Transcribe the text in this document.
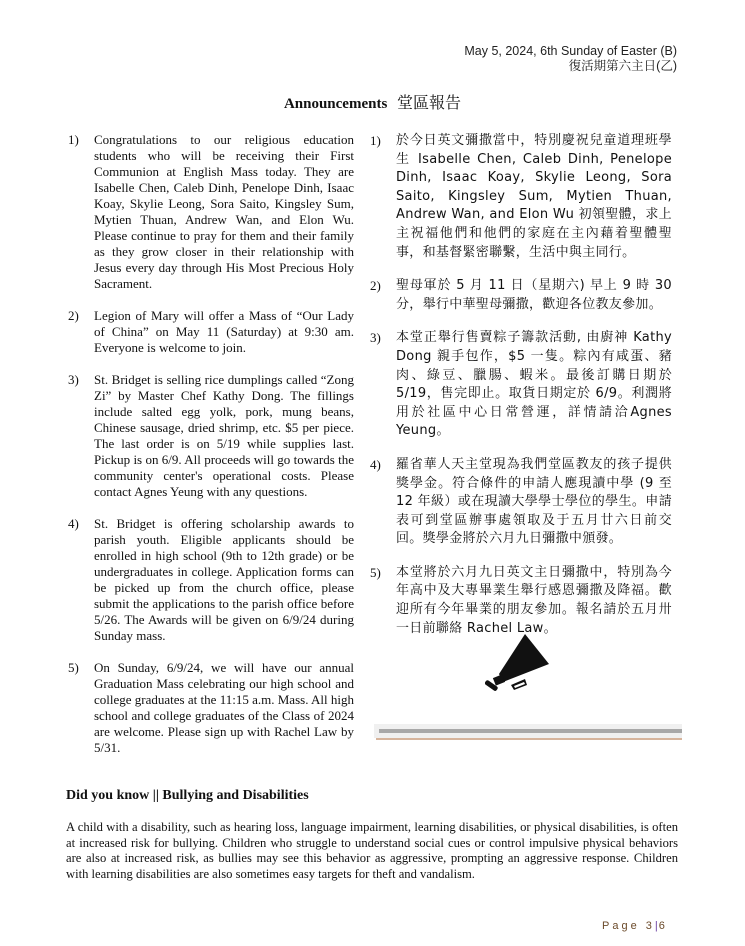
May 5, 2024, 6th Sunday of Easter (B)
復活期第六主日(乙)
Announcements 堂區報告
1)	Congratulations to our religious education students who will be receiving their First Communion at English Mass today. They are Isabelle Chen, Caleb Dinh, Penelope Dinh, Isaac Koay, Skylie Leong, Sora Saito, Kingsley Sum, Mytien Thuan, Andrew Wan, and Elon Wu. Please continue to pray for them and their family as they grow closer in their relationship with Jesus every day through His Most Precious Holy Sacrament.
2)	Legion of Mary will offer a Mass of “Our Lady of China” on May 11 (Saturday) at 9:30 am. Everyone is welcome to join.
3)	St. Bridget is selling rice dumplings called “Zong Zi” by Master Chef Kathy Dong. The fillings include salted egg yolk, pork, mung beans, Chinese sausage, dried shrimp, etc. $5 per piece. The last order is on 5/19 while supplies last. Pickup is on 6/9. All proceeds will go towards the community center's operational costs. Please contact Agnes Yeung with any questions.
4)	St. Bridget is offering scholarship awards to parish youth. Eligible applicants should be enrolled in high school (9th to 12th grade) or be undergraduates in college. Application forms can be picked up from the church office, please submit the applications to the parish office before 5/26. The Awards will be given on 6/9/24 during Sunday mass.
5)	On Sunday, 6/9/24, we will have our annual Graduation Mass celebrating our high school and college graduates at the 11:15 a.m. Mass. All high school and college graduates of the Class of 2024 are welcome. Please sign up with Rachel Law by 5/31.
1)	於今日英文彌撒當中，特別慶祝兒童道理班學生 Isabelle Chen, Caleb Dinh, Penelope Dinh, Isaac Koay, Skylie Leong, Sora Saito, Kingsley Sum, Mytien Thuan, Andrew Wan, and Elon Wu 初領聖體，求上主祝福他們和他們的家庭在主內藉着聖體聖事，和基督緊密聯繫，生活中與主同行。
2)	聖母軍於 5 月 11 日（星期六) 早上 9 時 30 分，舉行中華聖母彌撒，歡迎各位教友參加。
3)	本堂正舉行售賣粽子籌款活動, 由廚神 Kathy Dong 親手包作，$5 一隻。粽內有咸蛋、豬肉、綠豆、臘腸、蝦米。最後訂購日期於 5/19，售完即止。取貨日期定於 6/9。利潤將用於社區中心日常營運，詳情請洽Agnes Yeung。
4)	羅省華人天主堂現為我們堂區教友的孩子提供獎學金。符合條件的申請人應現讀中學 (9 至 12 年級）或在現讀大學學士學位的學生。申請表可到堂區辦事處領取及于五月廿六日前交回。獎學金將於六月九日彌撒中頒發。
5)	本堂將於六月九日英文主日彌撒中，特別為今年高中及大專畢業生舉行感恩彌撒及降福。歡迎所有今年畢業的朋友參加。報名請於五月卅一日前聯絡 Rachel Law。
Did you know || Bullying and Disabilities
A child with a disability, such as hearing loss, language impairment, learning disabilities, or physical disabilities, is often at increased risk for bullying. Children who struggle to understand social cues or control impulsive physical behaviors are also at increased risk, as bullies may see this behavior as aggressive, prompting an aggressive response. Children with learning disabilities are also sometimes easy targets for theft and vandalism.
Page 3|6
